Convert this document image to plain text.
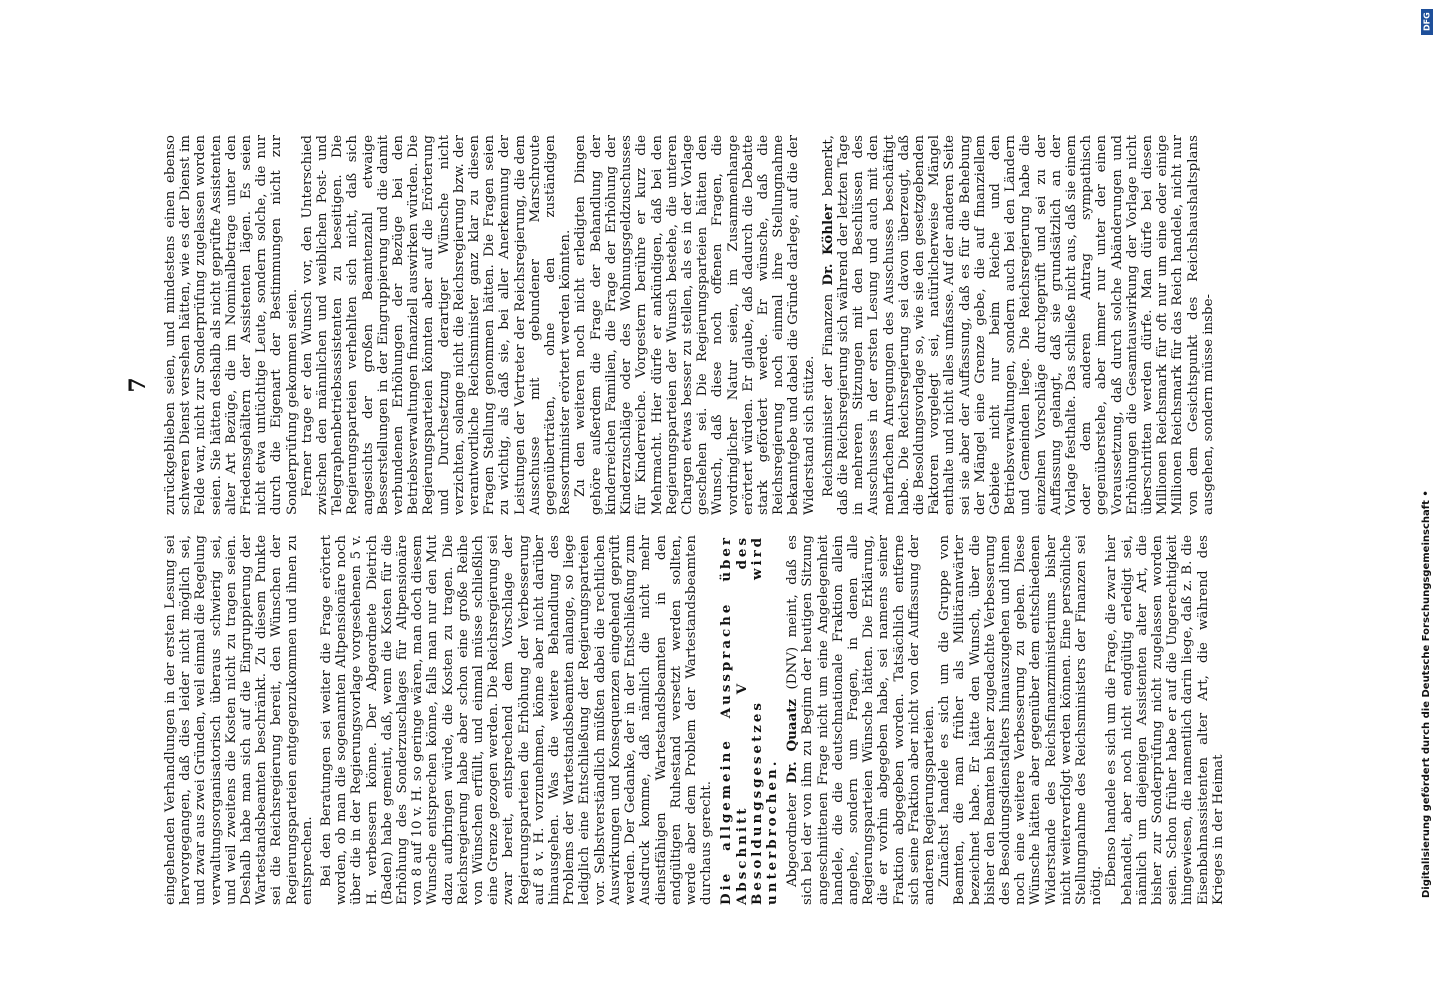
7

eingehenden Verhandlungen in der ersten Lesung sei hervorgegangen, daß dies leider nicht möglich sei, und zwar aus zwei Gründen, weil einmal die Regelung verwaltungsorganisatorisch überaus schwierig sei, und weil zweitens die Kosten nicht zu tragen seien. Deshalb habe man sich auf die Eingruppierung der Wartestandsbeamten beschränkt. Zu diesem Punkte sei die Reichsregierung bereit, den Wünschen der Regierungsparteien entgegenzukommen und ihnen zu entsprechen. Bei den Beratungen sei weiter die Frage erörtert worden, ob man die sogenannten Altpensionäre noch über die in der Regierungsvorlage vorgesehenen 5 v. H. verbessern könne. Der Abgeordnete Dietrich (Baden) habe gemeint, daß, wenn die Kosten für die Erhöhung des Sonderzuschlages für Altpensionäre von 8 auf 10 v. H. so geringe wären, man doch diesem Wunsche entsprechen könne, falls man nur den Mut dazu aufbringen würde, die Kosten zu tragen. Die Reichsregierung habe aber schon eine große Reihe von Wünschen erfüllt, und einmal müsse schließlich eine Grenze gezogen werden. Die Reichsregierung sei zwar bereit, entsprechend dem Vorschlage der Regierungsparteien die Erhöhung der Verbesserung auf 8 v. H. vorzunehmen, könne aber nicht darüber hinausgehen. Was die weitere Behandlung des Problems der Wartestandsbeamten anlange, so liege lediglich eine Entschließung der Regierungsparteien vor. Selbstverständlich müßten dabei die rechtlichen Auswirkungen und Konsequenzen eingehend geprüft werden. Der Gedanke, der in der Entschließung zum Ausdruck komme, daß nämlich die nicht mehr dienstfähigen Wartestandsbeamten in den endgültigen Ruhestand versetzt werden sollten, werde aber dem Problem der Wartestandsbeamten durchaus gerecht. Die allgemeine Aussprache über Abschnitt V des Besoldungsgesetzes wird unterbrochen. Abgeordneter Dr. Quaatz (DNV) meint, daß es sich bei der von ihm zu Beginn der heutigen Sitzung angeschnittenen Frage nicht um eine Angelegenheit handele, die die deutschnationale Fraktion allein angehe, sondern um Fragen, in denen alle Regierungsparteien Wünsche hätten. Die Erklärung, die er vorhin abgegeben habe, sei namens seiner Fraktion abgegeben worden. Tatsächlich entferne sich seine Fraktion aber nicht von der Auffassung der anderen Regierungsparteien. Zunächst handele es sich um die Gruppe von Beamten, die man früher als Militäranwärter bezeichnet habe. Er hätte den Wunsch, über die bisher den Beamten bisher zugedachte Verbesserung des Besoldungsdienstalters hinauszugehen und ihnen noch eine weitere Verbesserung zu geben. Diese Wünsche hätten aber gegenüber dem entschiedenen Widerstande des Reichsfinanzministeriums bisher nicht weiterverfolgt werden können. Eine persönliche Stellungnahme des Reichsministers der Finanzen sei nötig. Ebenso handele es sich um die Frage, die zwar hier behandelt, aber noch nicht endgültig erledigt sei, nämlich um diejenigen Assistenten alter Art, die bisher zur Sonderprüfung nicht zugelassen worden seien. Schon früher habe er auf die Ungerechtigkeit hingewiesen, die namentlich darin liege, daß z. B. die Eisenbahnassistenten alter Art, die während des Krieges in der Heimat

zurückgeblieben seien, und mindestens einen ebenso schweren Dienst versehen hätten, wie es der Dienst im Felde war, nicht zur Sonderprüfung zugelassen worden seien. Sie hätten deshalb als nicht geprüfte Assistenten alter Art Bezüge, die im Nominalbetrage unter den Friedensgehältern der Assistenten lägen. Es seien nicht etwa untüchtige Leute, sondern solche, die nur durch die Eigenart der Bestimmungen nicht zur Sonderprüfung gekommen seien. Ferner trage er den Wunsch vor, den Unterschied zwischen den männlichen und weiblichen Post- und Telegraphenbetriebsassistenten zu beseitigen. Die Regierungsparteien verhehlten sich nicht, daß sich angesichts der großen Beamtenzahl etwaige Besserstellungen in der Eingruppierung und die damit verbundenen Erhöhungen der Bezüge bei den Betriebsverwaltungen finanziell auswirken würden. Die Regierungsparteien könnten aber auf die Erörterung und Durchsetzung derartiger Wünsche nicht verzichten, solange nicht die Reichsregierung bzw. der verantwortliche Reichsminister ganz klar zu diesen Fragen Stellung genommen hätten. Die Fragen seien zu wichtig, als daß sie, bei aller Anerkennung der Leistungen der Vertreter der Reichsregierung, die dem Ausschusse mit gebundener Marschroute gegenüberträten, ohne den zuständigen Ressortminister erörtert werden könnten. Zu den weiteren noch nicht erledigten Dingen gehöre außerdem die Frage der Behandlung der kinderreichen Familien, die Frage der Erhöhung der Kinderzuschläge oder des Wohnungsgeldzuschusses für Kinderreiche. Vorgestern berühre er kurz die Mehrmacht. Hier dürfe er ankündigen, daß bei den Regierungsparteien der Wunsch bestehe, die unteren Chargen etwas besser zu stellen, als es in der Vorlage geschehen sei. Die Regierungsparteien hätten den Wunsch, daß diese noch offenen Fragen, die vordringlicher Natur seien, im Zusammenhange erörtert würden. Er glaube, daß dadurch die Debatte stark gefördert werde. Er wünsche, daß die Reichsregierung noch einmal ihre Stellungnahme bekanntgebe und dabei die Gründe darlege, auf die der Widerstand sich stütze. Reichsminister der Finanzen Dr. Köhler bemerkt, daß die Reichsregierung sich während der letzten Tage in mehreren Sitzungen mit den Beschlüssen des Ausschusses in der ersten Lesung und auch mit den mehrfachen Anregungen des Ausschusses beschäftigt habe. Die Reichsregierung sei davon überzeugt, daß die Besoldungsvorlage so, wie sie den gesetzgebenden Faktoren vorgelegt sei, natürlicherweise Mängel enthalte und nicht alles umfasse. Auf der anderen Seite sei sie aber der Auffassung, daß es für die Behebung der Mängel eine Grenze gebe, die auf finanziellem Gebiete nicht nur beim Reiche und den Betriebsverwaltungen, sondern auch bei den Ländern und Gemeinden liege. Die Reichsregierung habe die einzelnen Vorschläge durchgeprüft und sei zu der Auffassung gelangt, daß sie grundsätzlich an der Vorlage festhalte. Das schließe nicht aus, daß sie einem oder dem anderen Antrag sympathisch gegenüberstehe, aber immer nur unter der einen Voraussetzung, daß durch solche Abänderungen und Erhöhungen die Gesamtauswirkung der Vorlage nicht überschritten werden dürfe. Man dürfe bei diesen Millionen Reichsmark für oft nur um eine oder einige Millionen Reichsmark für das Reich handele, nicht nur von dem Gesichtspunkt des Reichshaushaltsplans ausgehen, sondern müsse insbe-

DFG
Digitalisierung gefördert durch die Deutsche Forschungsgemeinschaft •
